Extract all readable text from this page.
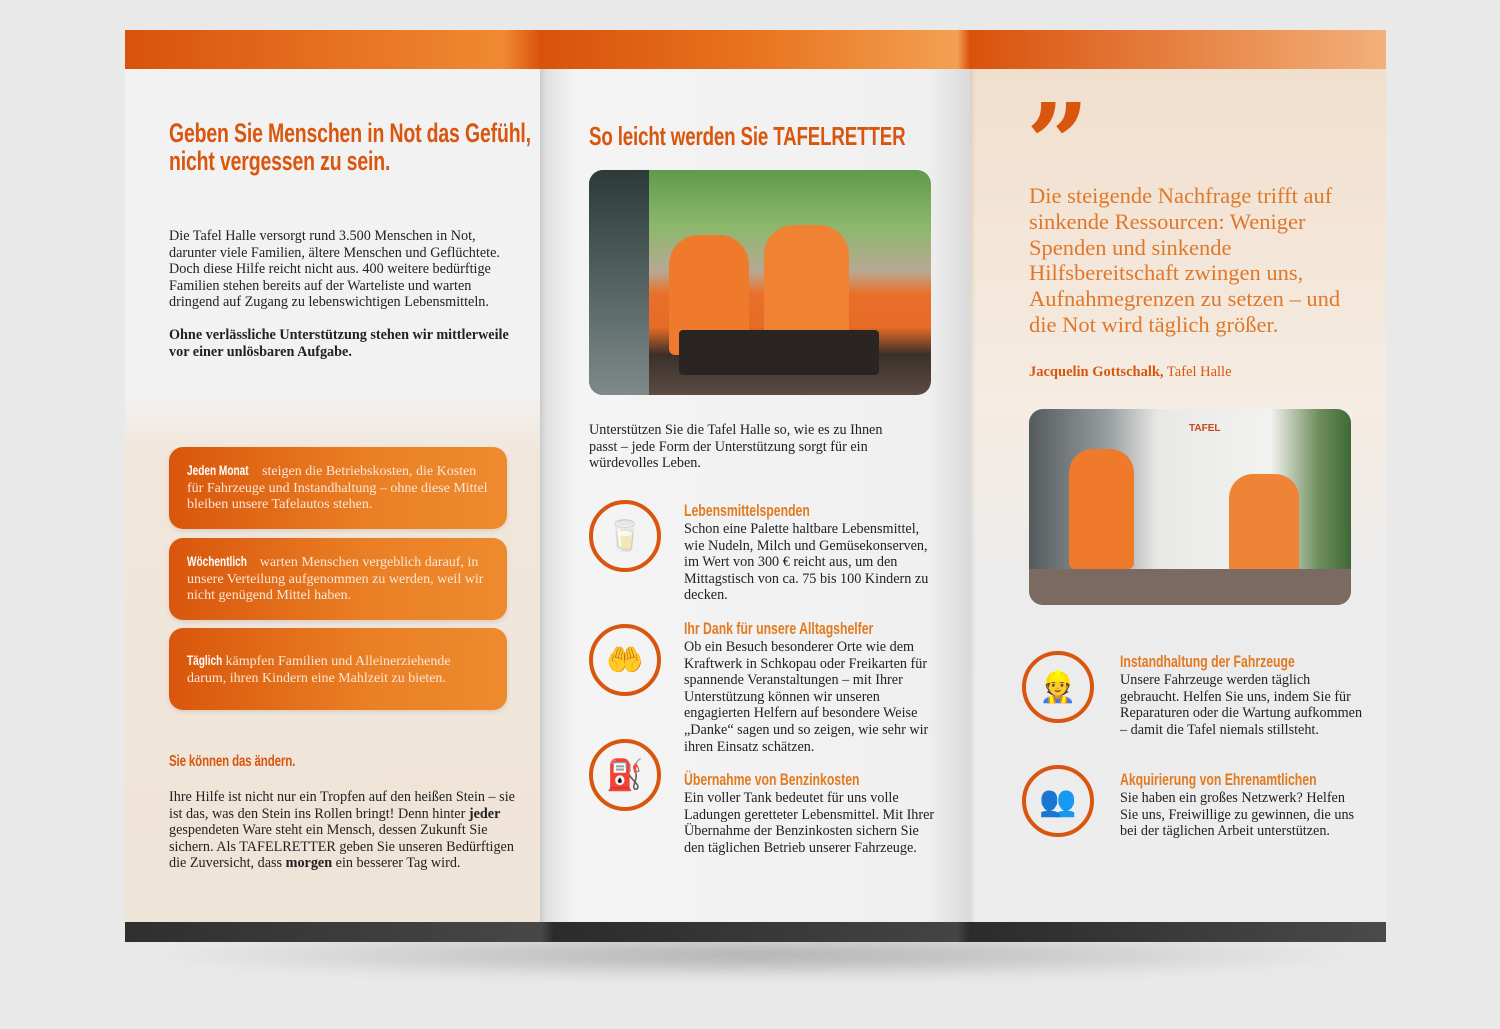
Geben Sie Menschen in Not das Gefühl,
nicht vergessen zu sein.

Die Tafel Halle versorgt rund 3.500 Menschen in Not, darunter viele Familien, ältere Menschen und Geflüchtete. Doch diese Hilfe reicht nicht aus. 400 weitere bedürftige Familien stehen bereits auf der Warteliste und warten dringend auf Zugang zu lebenswichtigen Lebensmitteln.

Ohne verlässliche Unterstützung stehen wir mittlerweile vor einer unlösbaren Aufgabe.

Jeden Monat steigen die Betriebskosten, die Kosten für Fahrzeuge und Instandhaltung – ohne diese Mittel bleiben unsere Tafelautos stehen.
Wöchentlich warten Menschen vergeblich darauf, in unsere Verteilung aufgenommen zu werden, weil wir nicht genügend Mittel haben.
Täglich kämpfen Familien und Alleinerziehende darum, ihren Kindern eine Mahlzeit zu bieten.
Sie können das ändern.

Ihre Hilfe ist nicht nur ein Tropfen auf den heißen Stein – sie ist das, was den Stein ins Rollen bringt! Denn hinter jeder gespendeten Ware steht ein Mensch, dessen Zukunft Sie sichern. Als TAFELRETTER geben Sie unseren Bedürftigen die Zuversicht, dass morgen ein besserer Tag wird.

So leicht werden Sie TAFELRETTER

Unterstützen Sie die Tafel Halle so, wie es zu Ihnen passt – jede Form der Unterstützung sorgt für ein würdevolles Leben.

🥛
Lebensmittelspenden

Schon eine Palette haltbare Lebensmittel, wie Nudeln, Milch und Gemüsekonserven, im Wert von 300 € reicht aus, um den Mittagstisch von ca. 75 bis 100 Kindern zu decken.

🤲
Ihr Dank für unsere Alltagshelfer

Ob ein Besuch besonderer Orte wie dem Kraftwerk in Schkopau oder Freikarten für spannende Veranstaltungen – mit Ihrer Unterstützung können wir unseren engagierten Helfern auf besondere Weise „Danke“ sagen und so zeigen, wie sehr wir ihren Einsatz schätzen.

⛽	Übernahme von Benzinkosten

Ein voller Tank bedeutet für uns volle Ladungen geretteter Lebensmittel. Mit Ihrer Übernahme der Benzinkosten sichern Sie den täglichen Betrieb unserer Fahrzeuge.

”

Die steigende Nachfrage trifft auf sinkende Ressourcen: Weniger Spenden und sinkende Hilfsbereitschaft zwingen uns, Aufnahmegrenzen zu setzen – und die Not wird täglich größer.

Jacquelin Gottschalk, Tafel Halle
TAFEL
👷
Instandhaltung der Fahrzeuge

Unsere Fahrzeuge werden täglich gebraucht. Helfen Sie uns, indem Sie für Reparaturen oder die Wartung aufkommen – damit die Tafel niemals stillsteht.

👥
Akquirierung von Ehrenamtlichen

Sie haben ein großes Netzwerk? Helfen Sie uns, Freiwillige zu gewinnen, die uns bei der täglichen Arbeit unterstützen.
